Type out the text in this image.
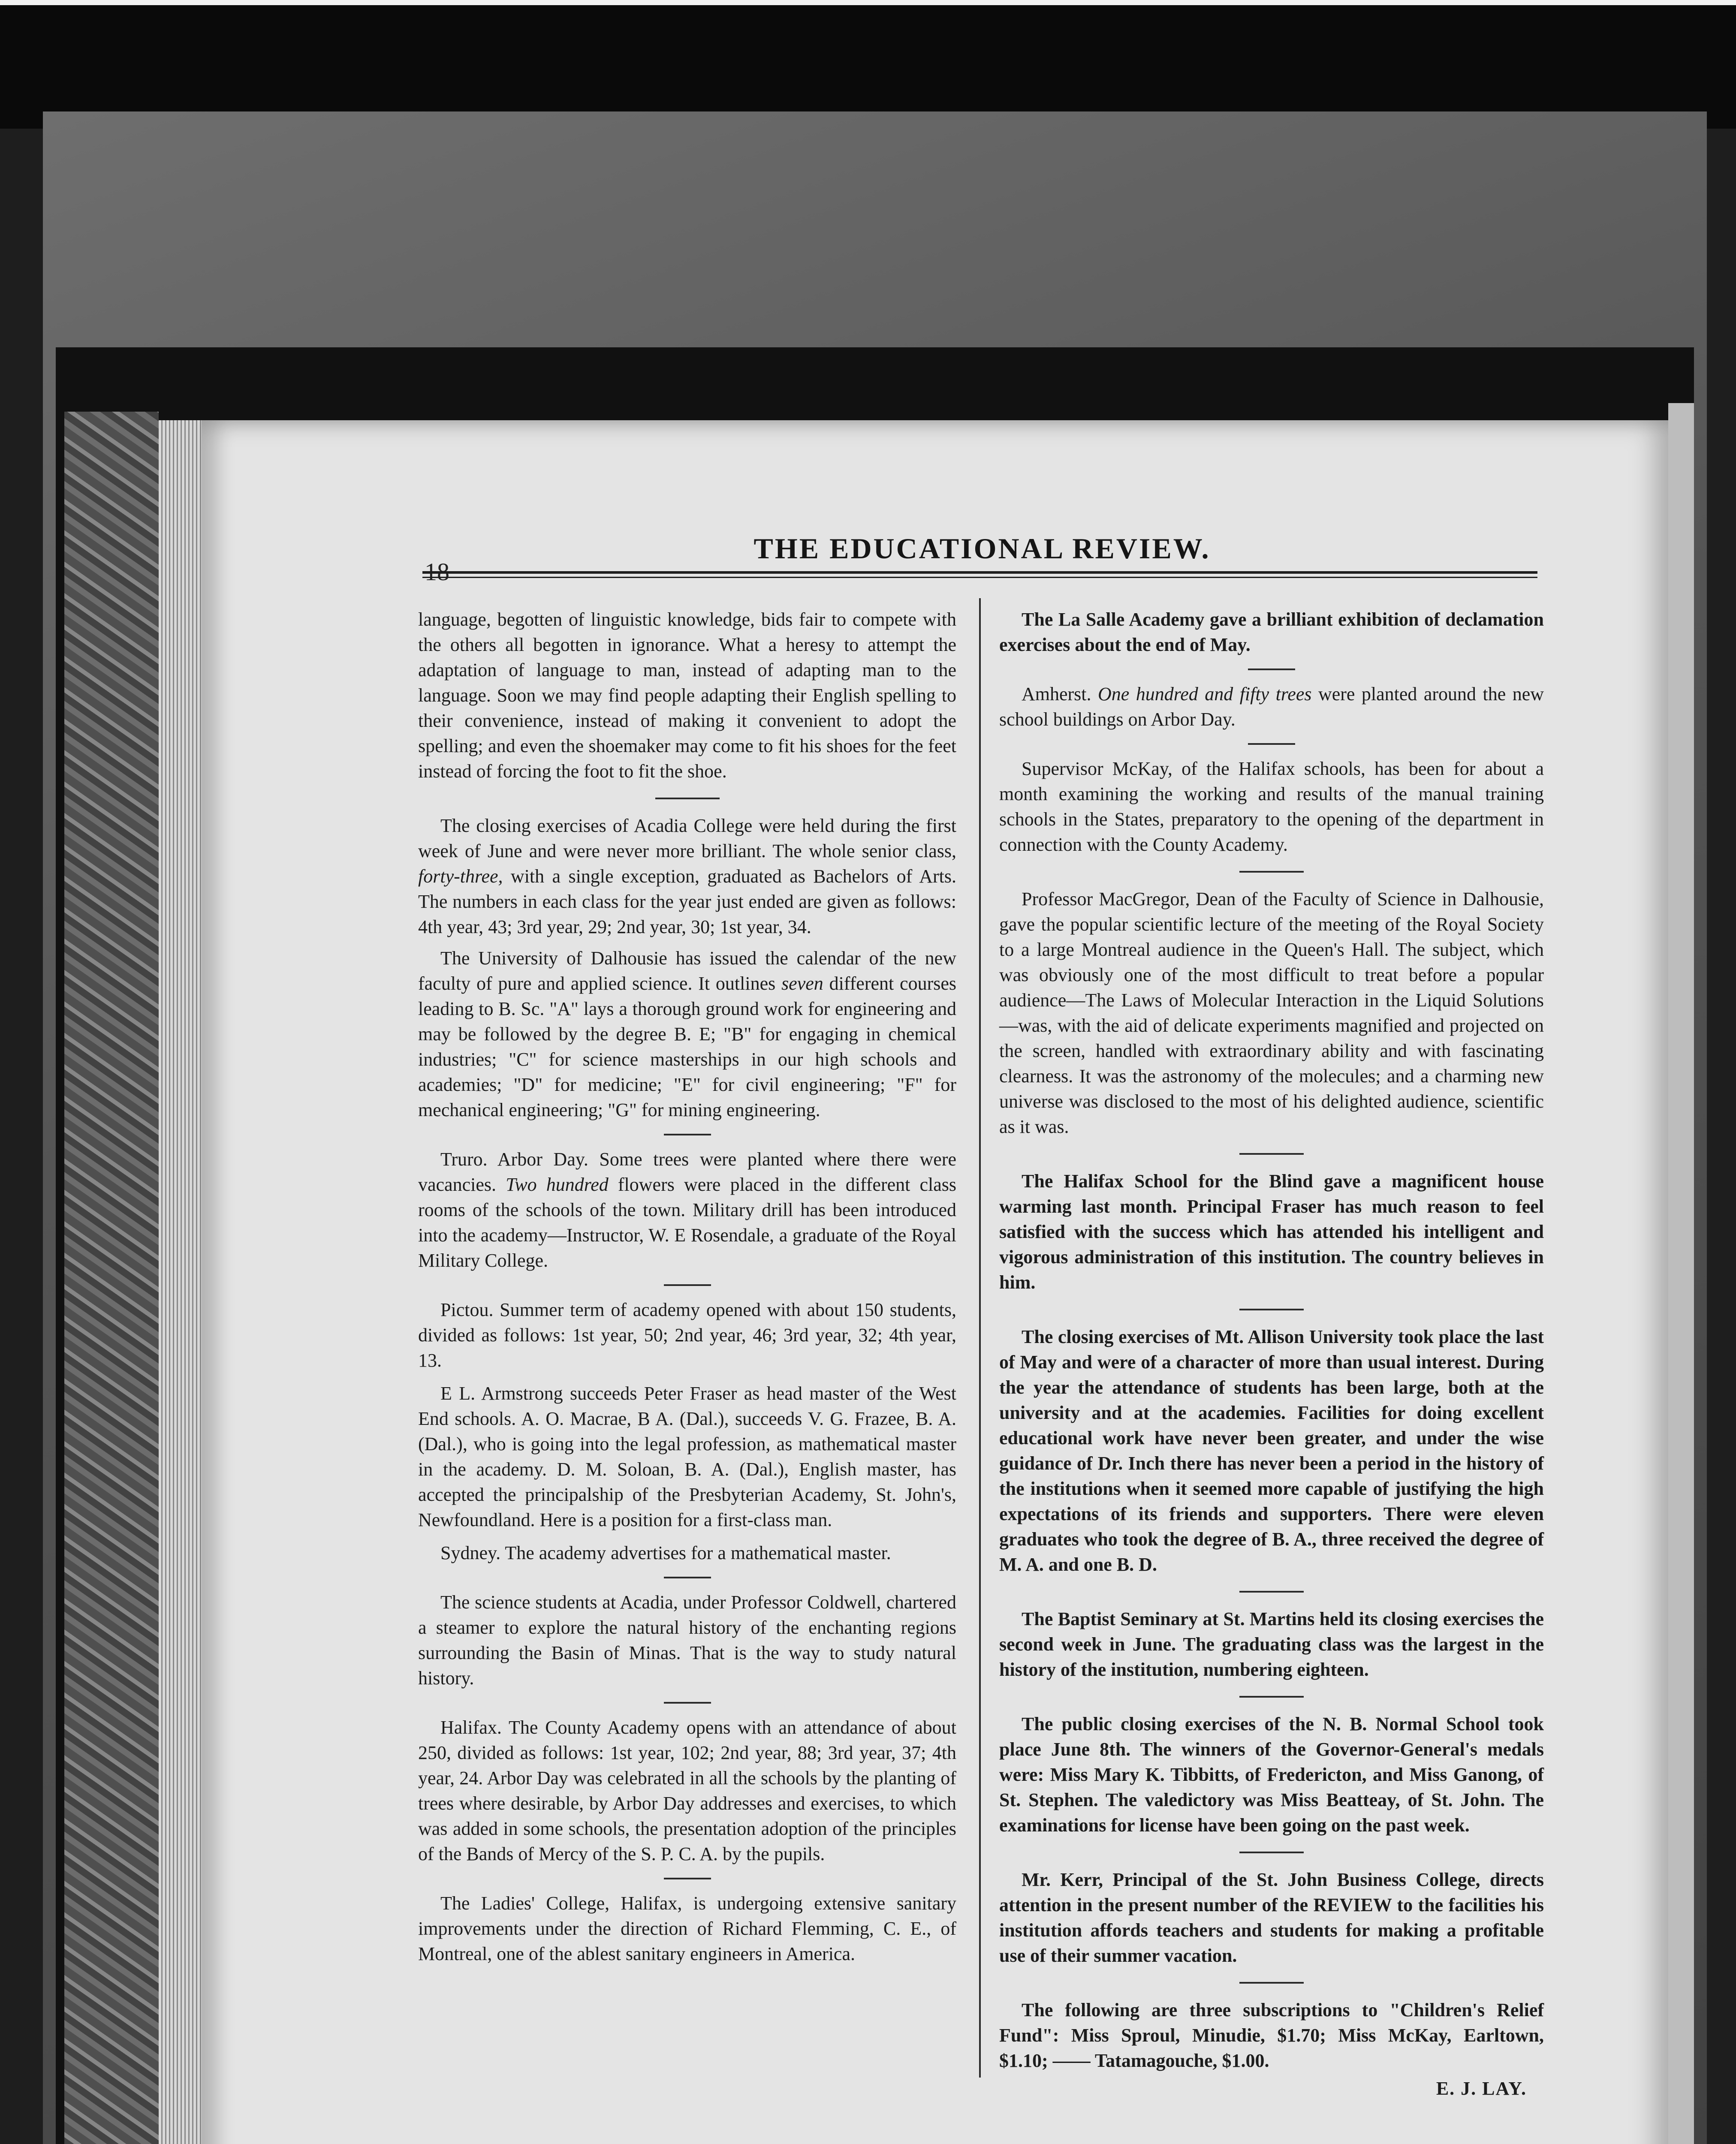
18
THE EDUCATIONAL REVIEW.

language, begotten of linguistic knowledge, bids fair to compete with the others all begotten in ignorance. What a heresy to attempt the adaptation of language to man, instead of adapting man to the language. Soon we may find people adapting their English spelling to their convenience, instead of making it convenient to adopt the spelling; and even the shoemaker may come to fit his shoes for the feet instead of forcing the foot to fit the shoe.

The closing exercises of Acadia College were held during the first week of June and were never more brilliant. The whole senior class, forty-three, with a single exception, graduated as Bachelors of Arts. The numbers in each class for the year just ended are given as follows: 4th year, 43; 3rd year, 29; 2nd year, 30; 1st year, 34.

The University of Dalhousie has issued the calendar of the new faculty of pure and applied science. It outlines seven different courses leading to B. Sc. "A" lays a thorough ground work for engineering and may be followed by the degree B. E; "B" for engaging in chemical industries; "C" for science masterships in our high schools and academies; "D" for medicine; "E" for civil engineering; "F" for mechanical engineering; "G" for mining engineering.

Truro. Arbor Day. Some trees were planted where there were vacancies. Two hundred flowers were placed in the different class rooms of the schools of the town. Military drill has been introduced into the academy—Instructor, W. E Rosendale, a graduate of the Royal Military College.

Pictou. Summer term of academy opened with about 150 students, divided as follows: 1st year, 50; 2nd year, 46; 3rd year, 32; 4th year, 13.

E L. Armstrong succeeds Peter Fraser as head master of the West End schools. A. O. Macrae, B A. (Dal.), succeeds V. G. Frazee, B. A. (Dal.), who is going into the legal profession, as mathematical master in the academy. D. M. Soloan, B. A. (Dal.), English master, has accepted the principalship of the Presbyterian Academy, St. John's, Newfoundland. Here is a position for a first-class man.

Sydney. The academy advertises for a mathematical master.

The science students at Acadia, under Professor Coldwell, chartered a steamer to explore the natural history of the enchanting regions surrounding the Basin of Minas. That is the way to study natural history.

Halifax. The County Academy opens with an attendance of about 250, divided as follows: 1st year, 102; 2nd year, 88; 3rd year, 37; 4th year, 24. Arbor Day was celebrated in all the schools by the planting of trees where desirable, by Arbor Day addresses and exercises, to which was added in some schools, the presentation adoption of the principles of the Bands of Mercy of the S. P. C. A. by the pupils.

The Ladies' College, Halifax, is undergoing extensive sanitary improvements under the direction of Richard Flemming, C. E., of Montreal, one of the ablest sanitary engineers in America.

The La Salle Academy gave a brilliant exhibition of declamation exercises about the end of May.

Amherst. One hundred and fifty trees were planted around the new school buildings on Arbor Day.

Supervisor McKay, of the Halifax schools, has been for about a month examining the working and results of the manual training schools in the States, preparatory to the opening of the department in connection with the County Academy.

Professor MacGregor, Dean of the Faculty of Science in Dalhousie, gave the popular scientific lecture of the meeting of the Royal Society to a large Montreal audience in the Queen's Hall. The subject, which was obviously one of the most difficult to treat before a popular audience—The Laws of Molecular Interaction in the Liquid Solutions—was, with the aid of delicate experiments magnified and projected on the screen, handled with extraordinary ability and with fascinating clearness. It was the astronomy of the molecules; and a charming new universe was disclosed to the most of his delighted audience, scientific as it was.

The Halifax School for the Blind gave a magnificent house warming last month. Principal Fraser has much reason to feel satisfied with the success which has attended his intelligent and vigorous administration of this institution. The country believes in him.

The closing exercises of Mt. Allison University took place the last of May and were of a character of more than usual interest. During the year the attendance of students has been large, both at the university and at the academies. Facilities for doing excellent educational work have never been greater, and under the wise guidance of Dr. Inch there has never been a period in the history of the institutions when it seemed more capable of justifying the high expectations of its friends and supporters. There were eleven graduates who took the degree of B. A., three received the degree of M. A. and one B. D.

The Baptist Seminary at St. Martins held its closing exercises the second week in June. The graduating class was the largest in the history of the institution, numbering eighteen.

The public closing exercises of the N. B. Normal School took place June 8th. The winners of the Governor-General's medals were: Miss Mary K. Tibbitts, of Fredericton, and Miss Ganong, of St. Stephen. The valedictory was Miss Beatteay, of St. John. The examinations for license have been going on the past week.

Mr. Kerr, Principal of the St. John Business College, directs attention in the present number of the REVIEW to the facilities his institution affords teachers and students for making a profitable use of their summer vacation.

The following are three subscriptions to "Children's Relief Fund": Miss Sproul, Minudie, $1.70; Miss McKay, Earltown, $1.10; —— Tatamagouche, $1.00.

E. J. LAY.
